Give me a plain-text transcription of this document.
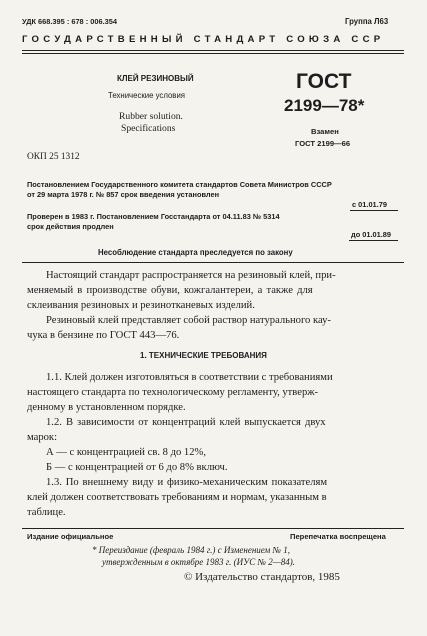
УДК 668.395 : 678 : 006.354	Группа Л63
ГОСУДАРСТВЕННЫЙ СТАНДАРТ СОЮЗА ССР
КЛЕЙ РЕЗИНОВЫЙ
Технические условия
Rubber solution.
Specifications
ГОСТ
2199—78*
Взамен
ГОСТ 2199—66
ОКП 25 1312
Постановлением Государственного комитета стандартов Совета Министров СССР
от 29 марта 1978 г. № 857 срок введения установлен
с 01.01.79
Проверен в 1983 г. Постановлением Госстандарта от 04.11.83 № 5314
срок действия продлен
до 01.01.89
Несоблюдение стандарта преследуется по закону
Настоящий стандарт распространяется на резиновый клей, при-
меняемый в производстве обуви, кожгалантереи, а также для
склеивания резиновых и резинотканевых изделий.
Резиновый клей представляет собой раствор натурального кау-
чука в бензине по ГОСТ 443—76.
1. ТЕХНИЧЕСКИЕ ТРЕБОВАНИЯ
1.1. Клей должен изготовляться в соответствии с требованиями
настоящего стандарта по технологическому регламенту, утверж-
денному в установленном порядке.
1.2. В зависимости от концентраций клей выпускается двух
марок:
А — с концентрацией св. 8 до 12%,
Б — с концентрацией от 6 до 8% включ.
1.3. По внешнему виду и физико-механическим показателям
клей должен соответствовать требованиям и нормам, указанным в
таблице.
Издание официальное	Перепечатка воспрещена
* Переиздание (февраль 1984 г.) с Изменением № 1,
утвержденным в октябре 1983 г. (ИУС № 2—84).
© Издательство стандартов, 1985
